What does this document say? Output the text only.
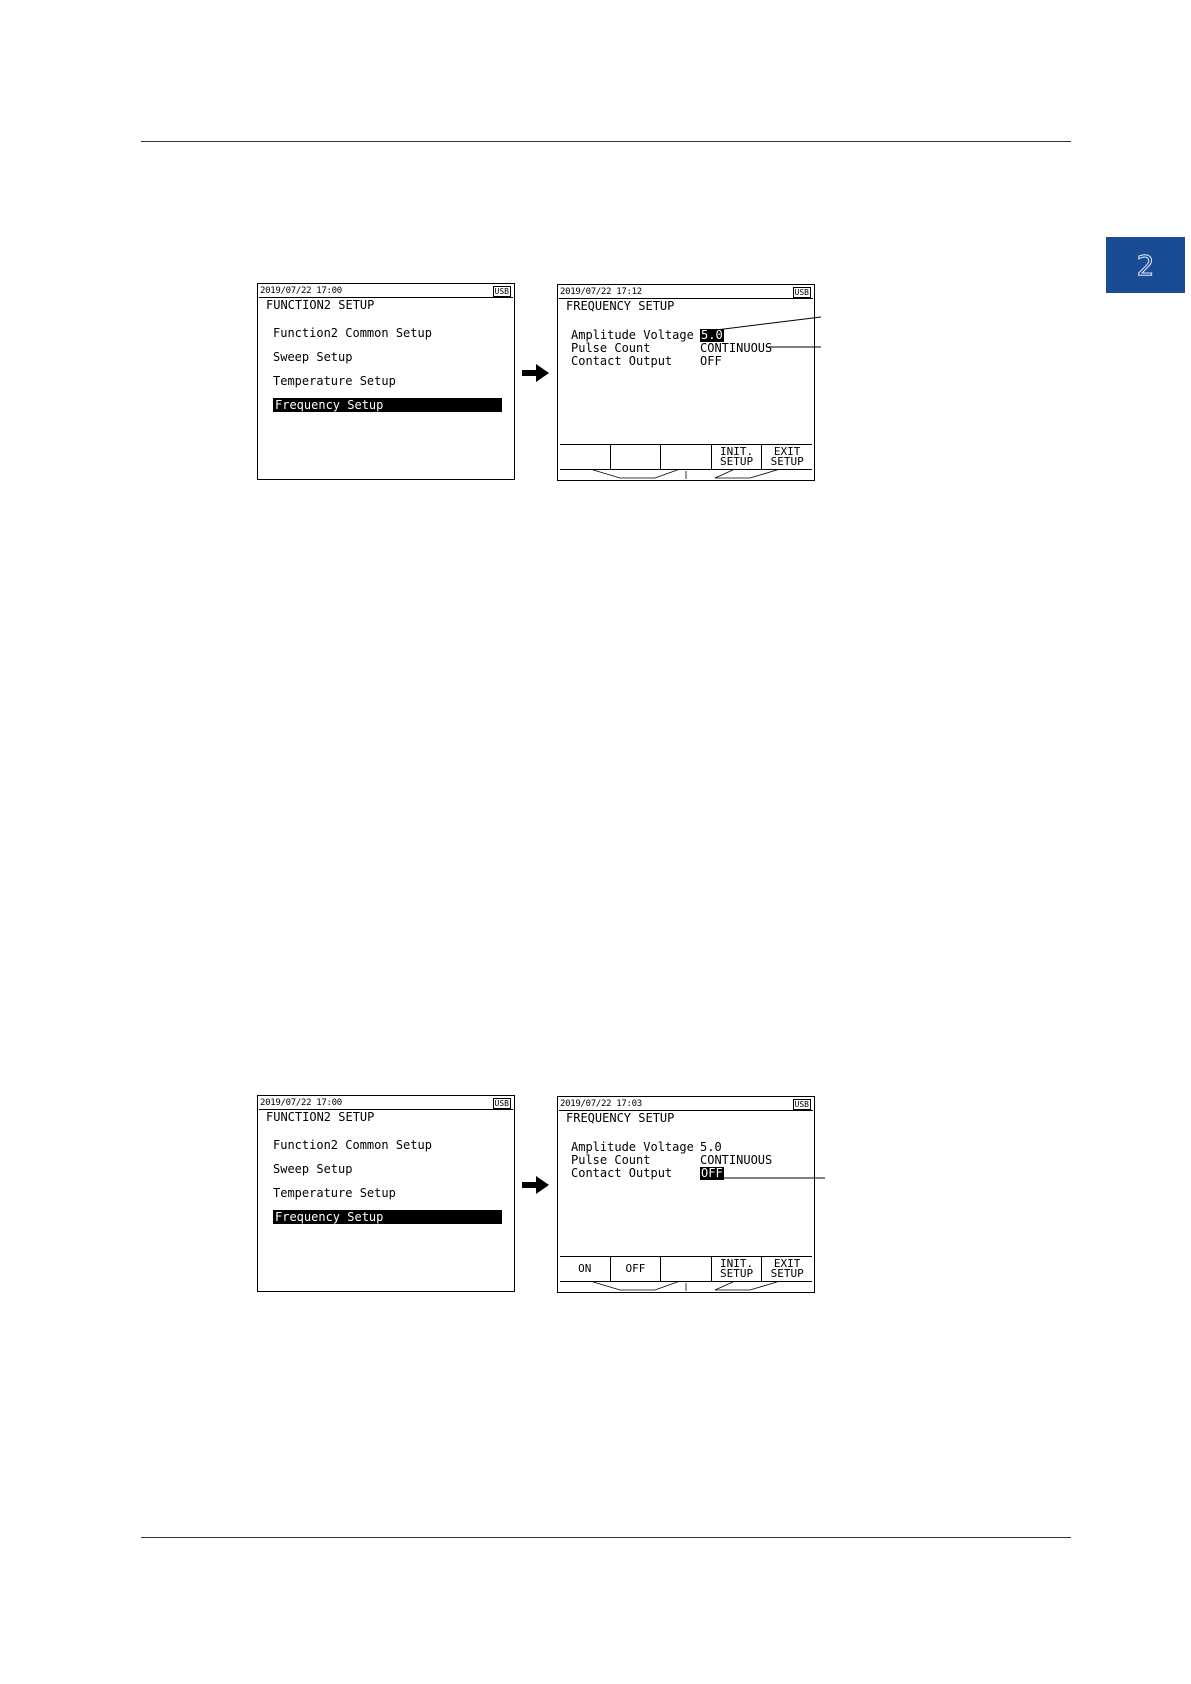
2
2019/07/22 17:00	USB
FUNCTION2 SETUP
Function2 Common Setup
Sweep Setup
Temperature Setup
Frequency Setup
2019/07/22 17:12	USB
FREQUENCY SETUP
Amplitude Voltage 5.0
Pulse Count	CONTINUOUS
Contact Output OFF
INIT.
SETUP
EXIT
SETUP
2019/07/22 17:00	USB
FUNCTION2 SETUP
Function2 Common Setup
Sweep Setup
Temperature Setup
Frequency Setup
2019/07/22 17:03	USB
FREQUENCY SETUP
Amplitude Voltage 5.0
Pulse Count	CONTINUOUS
Contact Output OFF
ON	OFF	INIT.
SETUP
EXIT
SETUP
